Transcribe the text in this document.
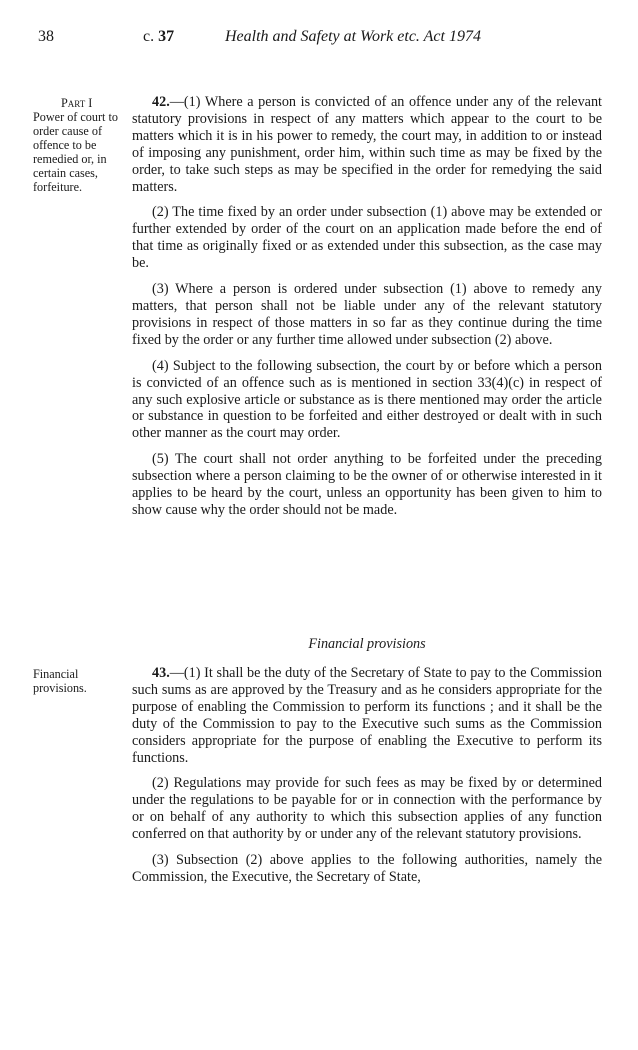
38	c. 37	Health and Safety at Work etc. Act 1974
Part I
Power of court to order cause of offence to be remedied or, in certain cases, forfeiture.
Financial provisions.

42.—(1) Where a person is convicted of an offence under any of the relevant statutory provisions in respect of any matters which appear to the court to be matters which it is in his power to remedy, the court may, in addition to or instead of imposing any punishment, order him, within such time as may be fixed by the order, to take such steps as may be specified in the order for remedying the said matters.

(2) The time fixed by an order under subsection (1) above may be extended or further extended by order of the court on an application made before the end of that time as originally fixed or as extended under this subsection, as the case may be.

(3) Where a person is ordered under subsection (1) above to remedy any matters, that person shall not be liable under any of the relevant statutory provisions in respect of those matters in so far as they continue during the time fixed by the order or any further time allowed under subsection (2) above.

(4) Subject to the following subsection, the court by or before which a person is convicted of an offence such as is mentioned in section 33(4)(c) in respect of any such explosive article or substance as is there mentioned may order the article or substance in question to be forfeited and either destroyed or dealt with in such other manner as the court may order.

(5) The court shall not order anything to be forfeited under the preceding subsection where a person claiming to be the owner of or otherwise interested in it applies to be heard by the court, unless an opportunity has been given to him to show cause why the order should not be made.

Financial provisions

43.—(1) It shall be the duty of the Secretary of State to pay to the Commission such sums as are approved by the Treasury and as he considers appropriate for the purpose of enabling the Commission to perform its functions ; and it shall be the duty of the Commission to pay to the Executive such sums as the Commission considers appropriate for the purpose of enabling the Executive to perform its functions.

(2) Regulations may provide for such fees as may be fixed by or determined under the regulations to be payable for or in connection with the performance by or on behalf of any authority to which this subsection applies of any function conferred on that authority by or under any of the relevant statutory provisions.

(3) Subsection (2) above applies to the following authorities, namely the Commission, the Executive, the Secretary of State,
